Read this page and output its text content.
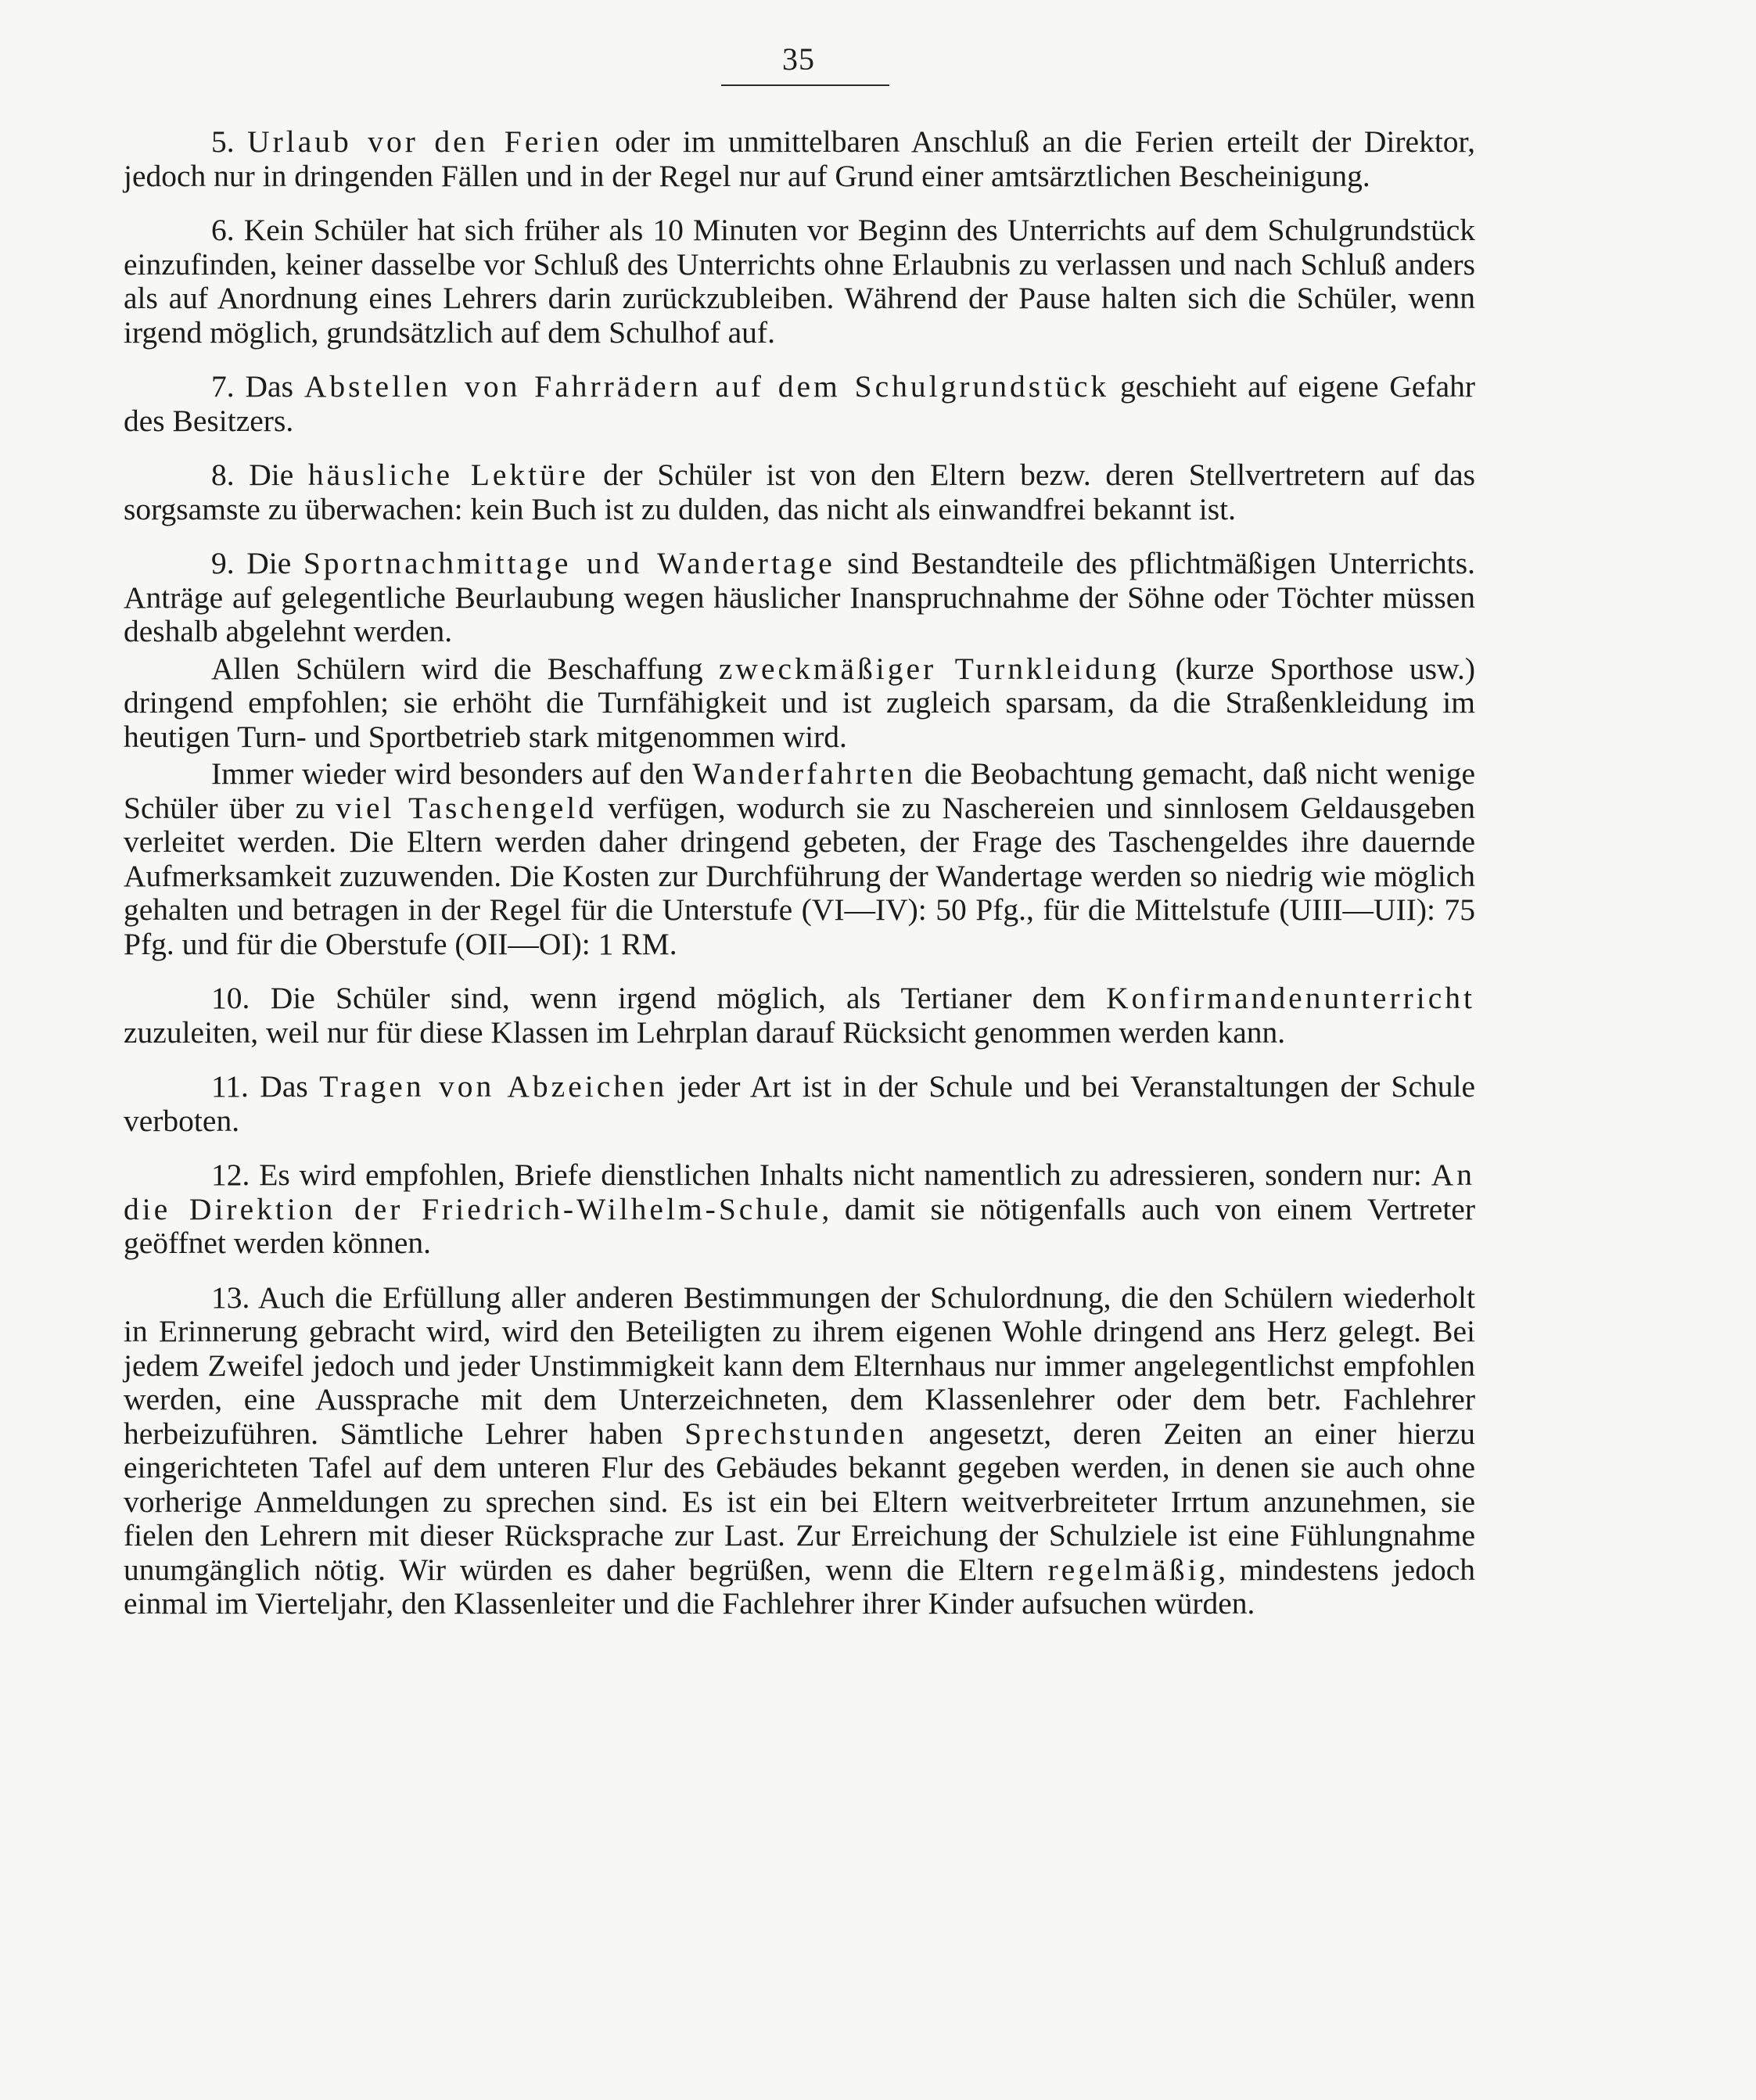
35

5. Urlaub vor den Ferien oder im unmittelbaren Anschluß an die Ferien erteilt der Direktor, jedoch nur in dringenden Fällen und in der Regel nur auf Grund einer amtsärztlichen Bescheinigung.

6. Kein Schüler hat sich früher als 10 Minuten vor Beginn des Unterrichts auf dem Schulgrundstück einzufinden, keiner dasselbe vor Schluß des Unterrichts ohne Erlaubnis zu verlassen und nach Schluß anders als auf Anordnung eines Lehrers darin zurückzubleiben. Während der Pause halten sich die Schüler, wenn irgend möglich, grundsätzlich auf dem Schulhof auf.

7. Das Abstellen von Fahrrädern auf dem Schulgrundstück geschieht auf eigene Gefahr des Besitzers.

8. Die häusliche Lektüre der Schüler ist von den Eltern bezw. deren Stellvertretern auf das sorgsamste zu überwachen: kein Buch ist zu dulden, das nicht als einwandfrei bekannt ist.

9. Die Sportnachmittage und Wandertage sind Bestandteile des pflichtmäßigen Unterrichts. Anträge auf gelegentliche Beurlaubung wegen häuslicher Inanspruchnahme der Söhne oder Töchter müssen deshalb abgelehnt werden.

Allen Schülern wird die Beschaffung zweckmäßiger Turnkleidung (kurze Sporthose usw.) dringend empfohlen; sie erhöht die Turnfähigkeit und ist zugleich sparsam, da die Straßenkleidung im heutigen Turn- und Sportbetrieb stark mitgenommen wird.

Immer wieder wird besonders auf den Wanderfahrten die Beobachtung gemacht, daß nicht wenige Schüler über zu viel Taschengeld verfügen, wodurch sie zu Naschereien und sinnlosem Geldausgeben verleitet werden. Die Eltern werden daher dringend gebeten, der Frage des Taschengeldes ihre dauernde Aufmerksamkeit zuzuwenden. Die Kosten zur Durchführung der Wandertage werden so niedrig wie möglich gehalten und betragen in der Regel für die Unterstufe (VI—IV): 50 Pfg., für die Mittelstufe (UIII—UII): 75 Pfg. und für die Oberstufe (OII—OI): 1 RM.

10. Die Schüler sind, wenn irgend möglich, als Tertianer dem Konfirmandenunterricht zuzuleiten, weil nur für diese Klassen im Lehrplan darauf Rücksicht genommen werden kann.

11. Das Tragen von Abzeichen jeder Art ist in der Schule und bei Veranstaltungen der Schule verboten.

12. Es wird empfohlen, Briefe dienstlichen Inhalts nicht namentlich zu adressieren, sondern nur: An die Direktion der Friedrich-Wilhelm-Schule, damit sie nötigenfalls auch von einem Vertreter geöffnet werden können.

13. Auch die Erfüllung aller anderen Bestimmungen der Schulordnung, die den Schülern wiederholt in Erinnerung gebracht wird, wird den Beteiligten zu ihrem eigenen Wohle dringend ans Herz gelegt. Bei jedem Zweifel jedoch und jeder Unstimmigkeit kann dem Elternhaus nur immer angelegentlichst empfohlen werden, eine Aussprache mit dem Unterzeichneten, dem Klassenlehrer oder dem betr. Fachlehrer herbeizuführen. Sämtliche Lehrer haben Sprechstunden angesetzt, deren Zeiten an einer hierzu eingerichteten Tafel auf dem unteren Flur des Gebäudes bekannt gegeben werden, in denen sie auch ohne vorherige Anmeldungen zu sprechen sind. Es ist ein bei Eltern weitverbreiteter Irrtum anzunehmen, sie fielen den Lehrern mit dieser Rücksprache zur Last. Zur Erreichung der Schulziele ist eine Fühlungnahme unumgänglich nötig. Wir würden es daher begrüßen, wenn die Eltern regelmäßig, mindestens jedoch einmal im Vierteljahr, den Klassenleiter und die Fachlehrer ihrer Kinder aufsuchen würden.
